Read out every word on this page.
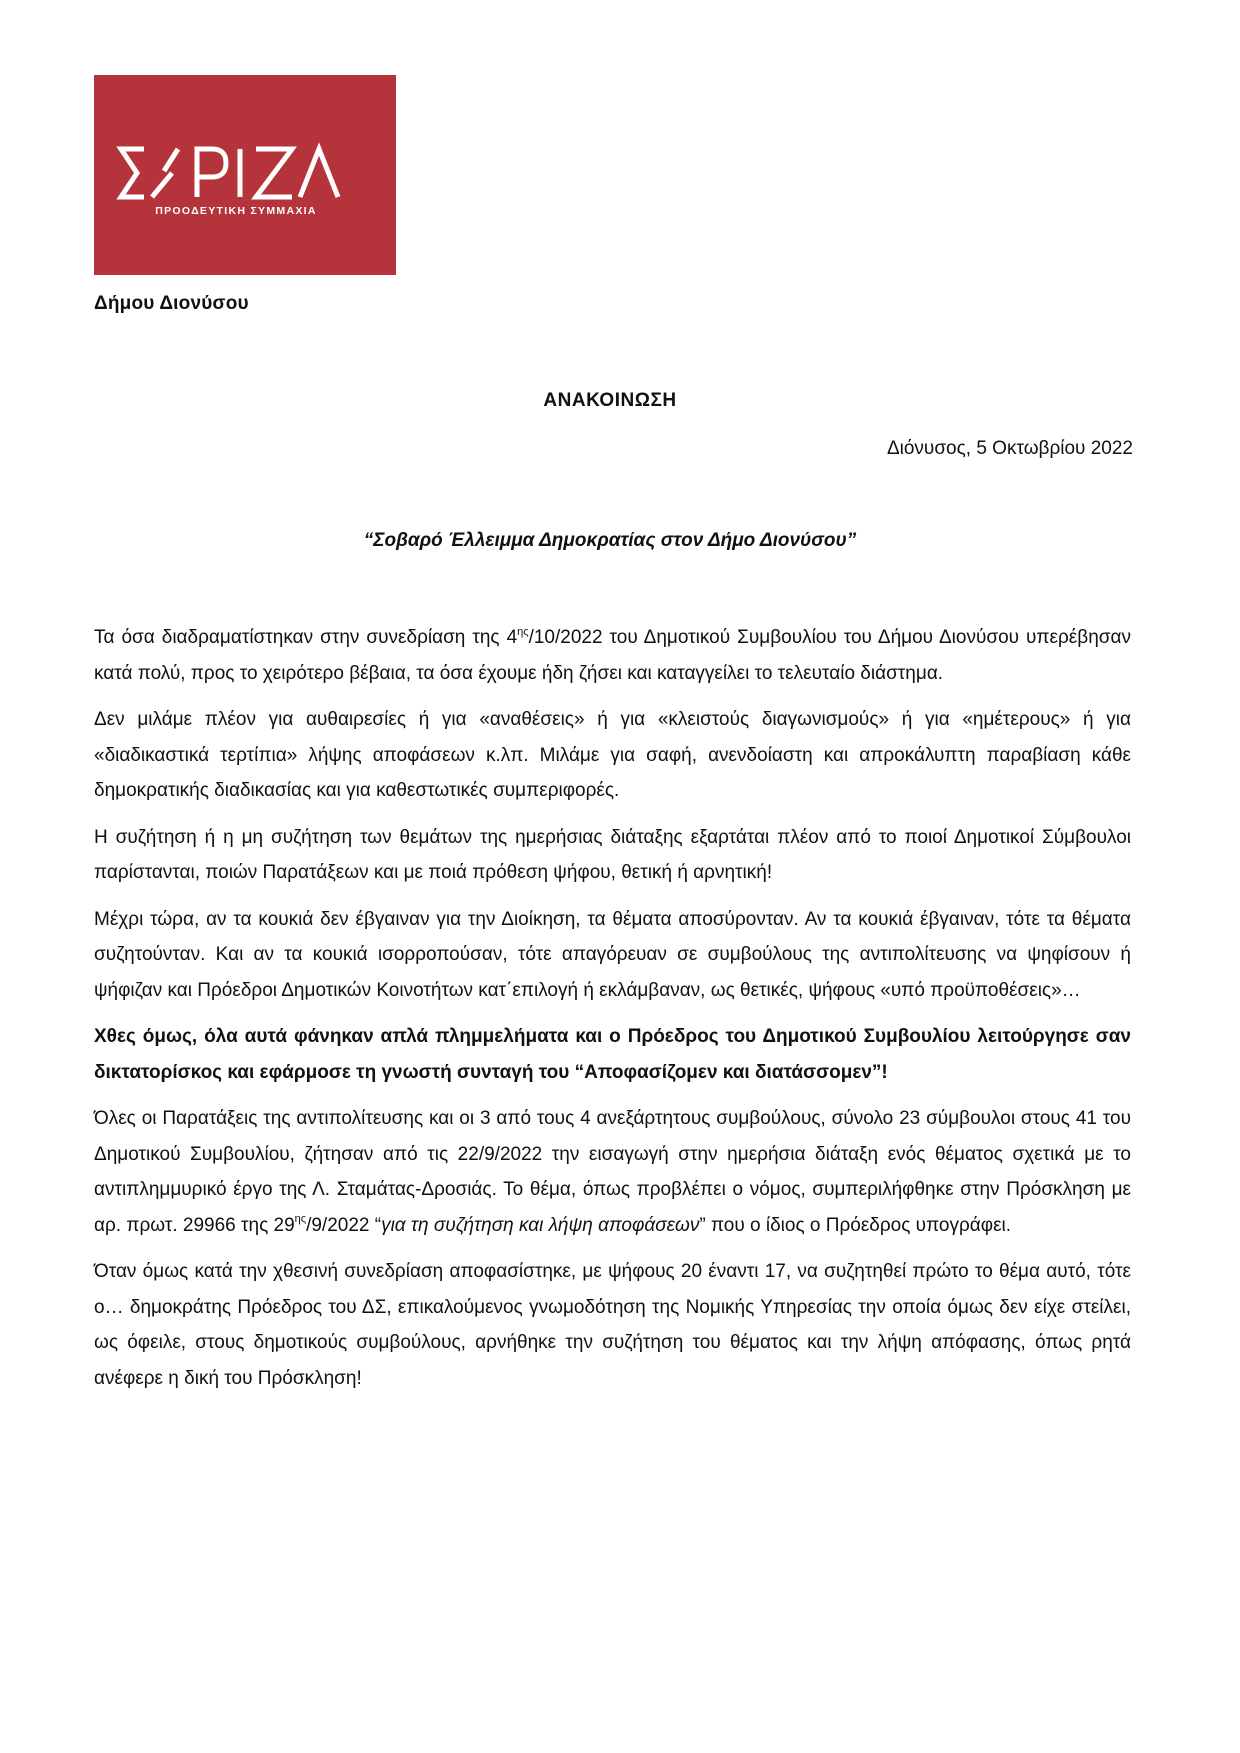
ΠΡΟΟΔΕΥΤΙΚΗ ΣΥΜΜΑΧΙΑ
Δήμου Διονύσου
ΑΝΑΚΟΙΝΩΣΗ
Διόνυσος, 5 Οκτωβρίου 2022
“Σοβαρό Έλλειμμα Δημοκρατίας στον Δήμο Διονύσου”

Τα όσα διαδραματίστηκαν στην συνεδρίαση της $4^{\eta\varsigma}/10/2022$ του Δημοτικού Συμβουλίου του Δήμου Διονύσου υπερέβησαν κατά πολύ, προς το χειρότερο βέβαια, τα όσα έχουμε ήδη ζήσει και καταγγείλει το τελευταίο διάστημα.

Δεν μιλάμε πλέον για αυθαιρεσίες ή για «αναθέσεις» ή για «κλειστούς διαγωνισμούς» ή για «ημέτερους» ή για «διαδικαστικά τερτίπια» λήψης αποφάσεων κ.λπ. Μιλάμε για σαφή, ανενδοίαστη και απροκάλυπτη παραβίαση κάθε δημοκρατικής διαδικασίας και για καθεστωτικές συμπεριφορές.

Η συζήτηση ή η μη συζήτηση των θεμάτων της ημερήσιας διάταξης εξαρτάται πλέον από το ποιοί Δημοτικοί Σύμβουλοι παρίστανται, ποιών Παρατάξεων και με ποιά πρόθεση ψήφου, θετική ή αρνητική!

Μέχρι τώρα, αν τα κουκιά δεν έβγαιναν για την Διοίκηση, τα θέματα αποσύρονταν. Αν τα κουκιά έβγαιναν, τότε τα θέματα συζητούνταν. Και αν τα κουκιά ισορροπούσαν, τότε απαγόρευαν σε συμβούλους της αντιπολίτευσης να ψηφίσουν ή ψήφιζαν και Πρόεδροι Δημοτικών Κοινοτήτων κατ΄επιλογή ή εκλάμβαναν, ως θετικές, ψήφους «υπό προϋποθέσεις»…

Χθες όμως, όλα αυτά φάνηκαν απλά πλημμελήματα και ο Πρόεδρος του Δημοτικού Συμβουλίου λειτούργησε σαν δικτατορίσκος και εφάρμοσε τη γνωστή συνταγή του “Αποφασίζομεν και διατάσσομεν”!

Όλες οι Παρατάξεις της αντιπολίτευσης και οι 3 από τους 4 ανεξάρτητους συμβούλους, σύνολο 23 σύμβουλοι στους 41 του Δημοτικού Συμβουλίου, ζήτησαν από τις 22/9/2022 την εισαγωγή στην ημερήσια διάταξη ενός θέματος σχετικά με το αντιπλημμυρικό έργο της Λ. Σταμάτας-Δροσιάς. Το θέμα, όπως προβλέπει ο νόμος, συμπεριλήφθηκε στην Πρόσκληση με αρ. πρωτ. 29966 της $29^{\eta\varsigma}/9/2022$ “για τη συζήτηση και λήψη αποφάσεων” που ο ίδιος ο Πρόεδρος υπογράφει.

Όταν όμως κατά την χθεσινή συνεδρίαση αποφασίστηκε, με ψήφους 20 έναντι 17, να συζητηθεί πρώτο το θέμα αυτό, τότε ο… δημοκράτης Πρόεδρος του ΔΣ, επικαλούμενος γνωμοδότηση της Νομικής Υπηρεσίας την οποία όμως δεν είχε στείλει, ως όφειλε, στους δημοτικούς συμβούλους, αρνήθηκε την συζήτηση του θέματος και την λήψη απόφασης, όπως ρητά ανέφερε η δική του Πρόσκληση!
